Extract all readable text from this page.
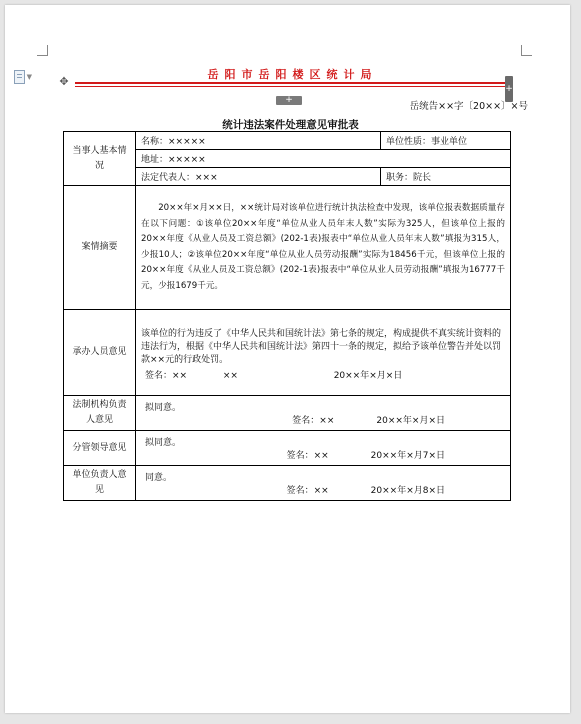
▼ ✥
岳阳市岳阳楼区统计局
+
+
岳统告××字〔20××〕×号
统计违法案件处理意见审批表
当事人基本情况	名称：×××××	单位性质：事业单位
	地址：×××××	
	法定代表人：×××	职务：院长
案情摘要	20××年×月××日，××统计局对该单位进行统计执法检查中发现，该单位报表数据质量存在以下问题：①该单位20××年度“单位从业人员年末人数”实际为325人，但该单位上报的20××年度《从业人员及工资总额》(202-1表)报表中“单位从业人员年末人数”填报为315人，少报10人；②该单位20××年度“单位从业人员劳动报酬”实际为18456千元，但该单位上报的20××年度《从业人员及工资总额》(202-1表)报表中“单位从业人员劳动报酬”填报为16777千元，少报1679千元。	
承办人员意见	该单位的行为违反了《中华人民共和国统计法》第七条的规定，构成提供不真实统计资料的违法行为，根据《中华人民共和国统计法》第四十一条的规定，拟给予该单位警告并处以罚款××元的行政处罚。
签名：×× ×× 20××年×月×日	

法制机构负责人意见	拟同意。
签名：×× 20××年×月×日	

分管领导意见	拟同意。
签名：×× 20××年×月7×日	

单位负责人意见	同意。
签名：×× 20××年×月8×日	
